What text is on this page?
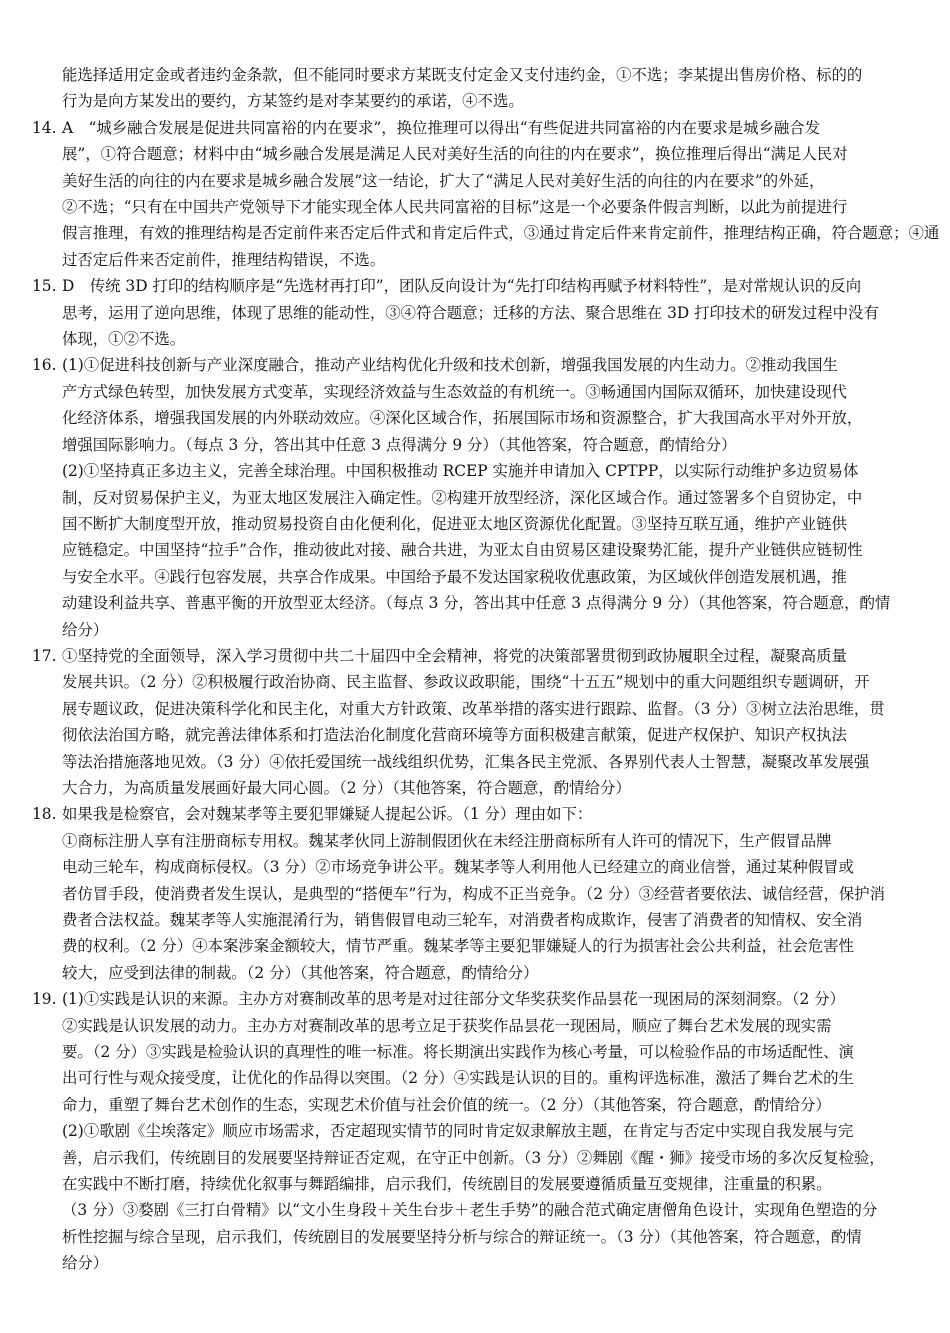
能选择适用定金或者违约金条款，但不能同时要求方某既支付定金又支付违约金，①不选；李某提出售房价格、标的的
行为是向方某发出的要约，方某签约是对李某要约的承诺，④不选。
14. A　“城乡融合发展是促进共同富裕的内在要求”，换位推理可以得出“有些促进共同富裕的内在要求是城乡融合发
展”，①符合题意；材料中由“城乡融合发展是满足人民对美好生活的向往的内在要求”，换位推理后得出“满足人民对
美好生活的向往的内在要求是城乡融合发展”这一结论，扩大了“满足人民对美好生活的向往的内在要求”的外延，
②不选；“只有在中国共产党领导下才能实现全体人民共同富裕的目标”这是一个必要条件假言判断，以此为前提进行
假言推理，有效的推理结构是否定前件来否定后件式和肯定后件式，③通过肯定后件来肯定前件，推理结构正确，符合题意；④通
过否定后件来否定前件，推理结构错误，不选。
15. D　传统 3D 打印的结构顺序是“先选材再打印”，团队反向设计为“先打印结构再赋予材料特性”，是对常规认识的反向
思考，运用了逆向思维，体现了思维的能动性，③④符合题意；迁移的方法、聚合思维在 3D 打印技术的研发过程中没有
体现，①②不选。
16. (1)①促进科技创新与产业深度融合，推动产业结构优化升级和技术创新，增强我国发展的内生动力。②推动我国生
产方式绿色转型，加快发展方式变革，实现经济效益与生态效益的有机统一。③畅通国内国际双循环，加快建设现代
化经济体系，增强我国发展的内外联动效应。④深化区域合作，拓展国际市场和资源整合，扩大我国高水平对外开放，
增强国际影响力。（每点 3 分，答出其中任意 3 点得满分 9 分）（其他答案，符合题意，酌情给分）
(2)①坚持真正多边主义，完善全球治理。中国积极推动 RCEP 实施并申请加入 CPTPP，以实际行动维护多边贸易体
制，反对贸易保护主义，为亚太地区发展注入确定性。②构建开放型经济，深化区域合作。通过签署多个自贸协定，中
国不断扩大制度型开放，推动贸易投资自由化便利化，促进亚太地区资源优化配置。③坚持互联互通，维护产业链供
应链稳定。中国坚持“拉手”合作，推动彼此对接、融合共进，为亚太自由贸易区建设聚势汇能，提升产业链供应链韧性
与安全水平。④践行包容发展，共享合作成果。中国给予最不发达国家税收优惠政策，为区域伙伴创造发展机遇，推
动建设利益共享、普惠平衡的开放型亚太经济。（每点 3 分，答出其中任意 3 点得满分 9 分）（其他答案，符合题意，酌情
给分）
17. ①坚持党的全面领导，深入学习贯彻中共二十届四中全会精神，将党的决策部署贯彻到政协履职全过程，凝聚高质量
发展共识。（2 分）②积极履行政治协商、民主监督、参政议政职能，围绕“十五五”规划中的重大问题组织专题调研，开
展专题议政，促进决策科学化和民主化，对重大方针政策、改革举措的落实进行跟踪、监督。（3 分）③树立法治思维，贯
彻依法治国方略，就完善法律体系和打造法治化制度化营商环境等方面积极建言献策，促进产权保护、知识产权执法
等法治措施落地见效。（3 分）④依托爱国统一战线组织优势，汇集各民主党派、各界别代表人士智慧，凝聚改革发展强
大合力，为高质量发展画好最大同心圆。（2 分）（其他答案，符合题意，酌情给分）
18. 如果我是检察官，会对魏某孝等主要犯罪嫌疑人提起公诉。（1 分）理由如下：
①商标注册人享有注册商标专用权。魏某孝伙同上游制假团伙在未经注册商标所有人许可的情况下，生产假冒品牌
电动三轮车，构成商标侵权。（3 分）②市场竞争讲公平。魏某孝等人利用他人已经建立的商业信誉，通过某种假冒或
者仿冒手段，使消费者发生误认，是典型的“搭便车”行为，构成不正当竞争。（2 分）③经营者要依法、诚信经营，保护消
费者合法权益。魏某孝等人实施混淆行为，销售假冒电动三轮车，对消费者构成欺诈，侵害了消费者的知情权、安全消
费的权利。（2 分）④本案涉案金额较大，情节严重。魏某孝等主要犯罪嫌疑人的行为损害社会公共利益，社会危害性
较大，应受到法律的制裁。（2 分）（其他答案，符合题意，酌情给分）
19. (1)①实践是认识的来源。主办方对赛制改革的思考是对过往部分文华奖获奖作品昙花一现困局的深刻洞察。（2 分）
②实践是认识发展的动力。主办方对赛制改革的思考立足于获奖作品昙花一现困局，顺应了舞台艺术发展的现实需
要。（2 分）③实践是检验认识的真理性的唯一标准。将长期演出实践作为核心考量，可以检验作品的市场适配性、演
出可行性与观众接受度，让优化的作品得以突围。（2 分）④实践是认识的目的。重构评选标准，激活了舞台艺术的生
命力，重塑了舞台艺术创作的生态，实现艺术价值与社会价值的统一。（2 分）（其他答案，符合题意，酌情给分）
(2)①歌剧《尘埃落定》顺应市场需求，否定超现实情节的同时肯定奴隶解放主题，在肯定与否定中实现自我发展与完
善，启示我们，传统剧目的发展要坚持辩证否定观，在守正中创新。（3 分）②舞剧《醒・狮》接受市场的多次反复检验，
在实践中不断打磨，持续优化叙事与舞蹈编排，启示我们，传统剧目的发展要遵循质量互变规律，注重量的积累。
（3 分）③婺剧《三打白骨精》以“文小生身段＋关生台步＋老生手势”的融合范式确定唐僧角色设计，实现角色塑造的分
析性挖掘与综合呈现，启示我们，传统剧目的发展要坚持分析与综合的辩证统一。（3 分）（其他答案，符合题意，酌情
给分）
